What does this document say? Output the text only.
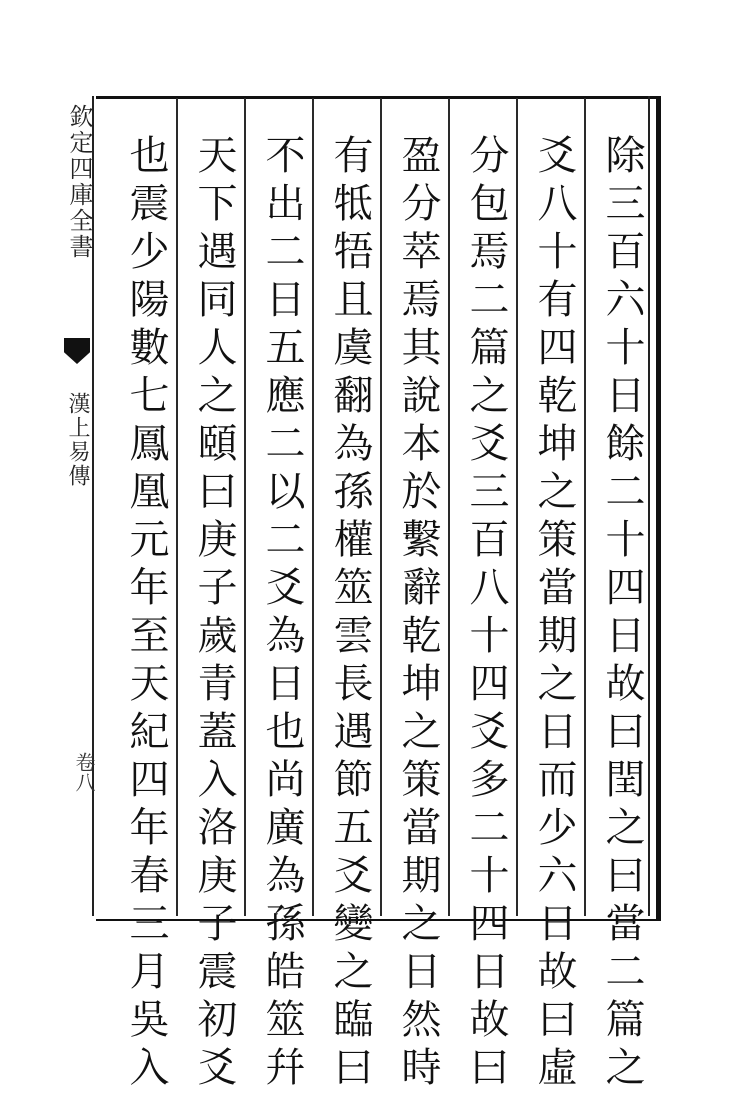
除三百六十日餘二十四日故曰閏之曰當二篇之
爻八十有四乾坤之策當期之日而少六日故曰虛
分包焉二篇之爻三百八十四爻多二十四日故曰
盈分萃焉其說本於繫辭乾坤之策當期之日然時
有牴牾且虞翻為孫權筮雲長遇節五爻變之臨曰
不出二日五應二以二爻為日也尚廣為孫皓筮幷
天下遇同人之頤曰庚子歲青蓋入洛庚子震初爻
也震少陽數七鳳凰元年至天紀四年春三月吳入
欽定四庫全書
漢上易傳
卷八
